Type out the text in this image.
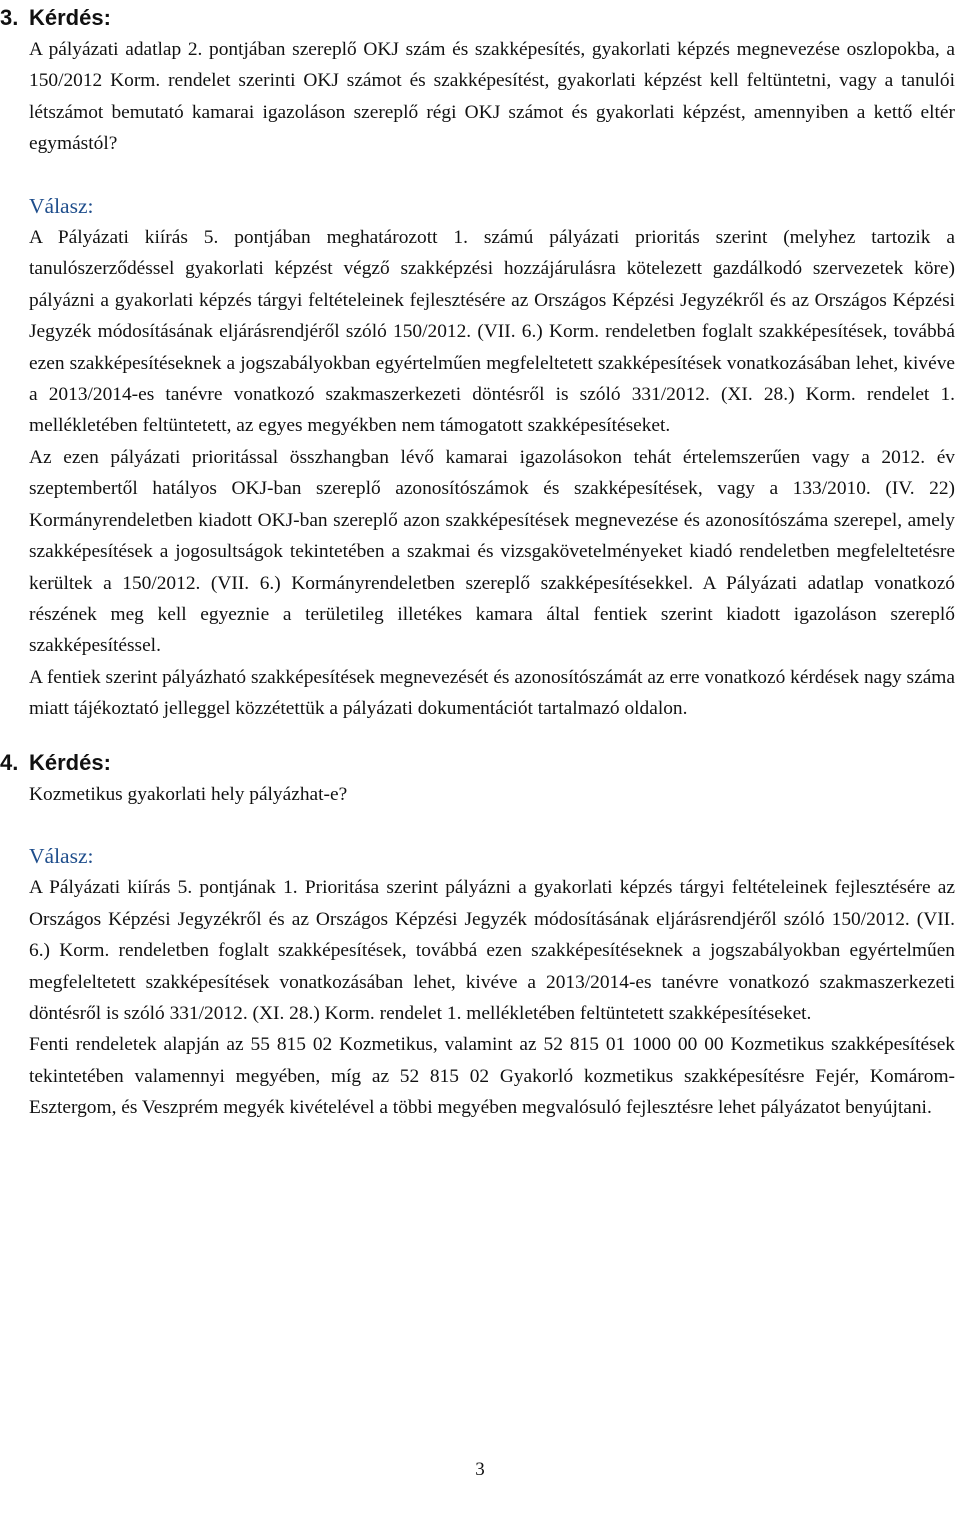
3. Kérdés:

A pályázati adatlap 2. pontjában szereplő OKJ szám és szakképesítés, gyakorlati képzés megnevezése oszlopokba, a 150/2012 Korm. rendelet szerinti OKJ számot és szakképesítést, gyakorlati képzést kell feltüntetni, vagy a tanulói létszámot bemutató kamarai igazoláson szereplő régi OKJ számot és gyakorlati képzést, amennyiben a kettő eltér egymástól?

Válasz:

A Pályázati kiírás 5. pontjában meghatározott 1. számú pályázati prioritás szerint (melyhez tartozik a tanulószerződéssel gyakorlati képzést végző szakképzési hozzájárulásra kötelezett gazdálkodó szervezetek köre) pályázni a gyakorlati képzés tárgyi feltételeinek fejlesztésére az Országos Képzési Jegyzékről és az Országos Képzési Jegyzék módosításának eljárásrendjéről szóló 150/2012. (VII. 6.) Korm. rendeletben foglalt szakképesítések, továbbá ezen szakképesítéseknek a jogszabályokban egyértelműen megfeleltetett szakképesítések vonatkozásában lehet, kivéve a 2013/2014-es tanévre vonatkozó szakmaszerkezeti döntésről is szóló 331/2012. (XI. 28.) Korm. rendelet 1. mellékletében feltüntetett, az egyes megyékben nem támogatott szakképesítéseket.

Az ezen pályázati prioritással összhangban lévő kamarai igazolásokon tehát értelemszerűen vagy a 2012. év szeptembertől hatályos OKJ-ban szereplő azonosítószámok és szakképesítések, vagy a 133/2010. (IV. 22) Kormányrendeletben kiadott OKJ-ban szereplő azon szakképesítések megnevezése és azonosítószáma szerepel, amely szakképesítések a jogosultságok tekintetében a szakmai és vizsgakövetelményeket kiadó rendeletben megfeleltetésre kerültek a 150/2012. (VII. 6.) Kormányrendeletben szereplő szakképesítésekkel. A Pályázati adatlap vonatkozó részének meg kell egyeznie a területileg illetékes kamara által fentiek szerint kiadott igazoláson szereplő szakképesítéssel.

A fentiek szerint pályázható szakképesítések megnevezését és azonosítószámát az erre vonatkozó kérdések nagy száma miatt tájékoztató jelleggel közzétettük a pályázati dokumentációt tartalmazó oldalon.

4. Kérdés:

Kozmetikus gyakorlati hely pályázhat-e?

Válasz:

A Pályázati kiírás 5. pontjának 1. Prioritása szerint pályázni a gyakorlati képzés tárgyi feltételeinek fejlesztésére az Országos Képzési Jegyzékről és az Országos Képzési Jegyzék módosításának eljárásrendjéről szóló 150/2012. (VII. 6.) Korm. rendeletben foglalt szakképesítések, továbbá ezen szakképesítéseknek a jogszabályokban egyértelműen megfeleltetett szakképesítések vonatkozásában lehet, kivéve a 2013/2014-es tanévre vonatkozó szakmaszerkezeti döntésről is szóló 331/2012. (XI. 28.) Korm. rendelet 1. mellékletében feltüntetett szakképesítéseket.

Fenti rendeletek alapján az 55 815 02 Kozmetikus, valamint az 52 815 01 1000 00 00 Kozmetikus szakképesítések tekintetében valamennyi megyében, míg az 52 815 02 Gyakorló kozmetikus szakképesítésre Fejér, Komárom-Esztergom, és Veszprém megyék kivételével a többi megyében megvalósuló fejlesztésre lehet pályázatot benyújtani.

3
